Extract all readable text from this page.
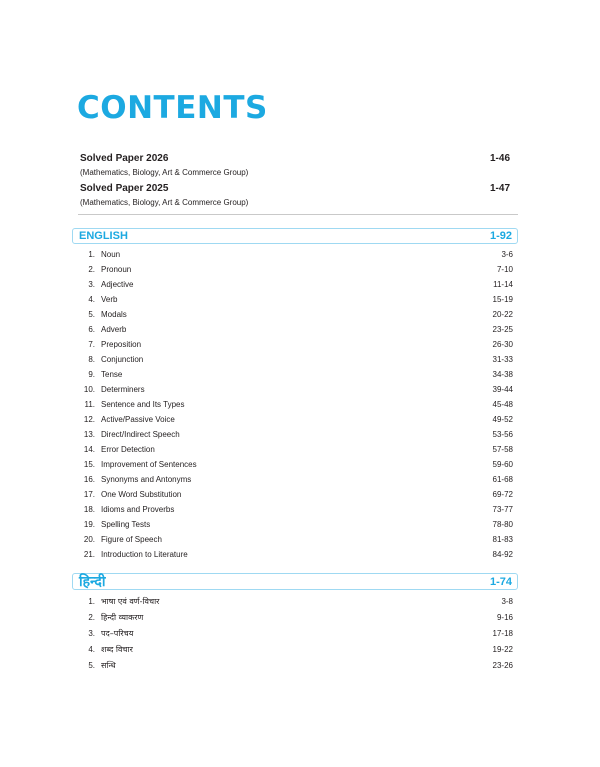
CONTENTS
Solved Paper 2026	1-46
(Mathematics, Biology, Art & Commerce Group)
Solved Paper 2025	1-47
(Mathematics, Biology, Art & Commerce Group)
ENGLISH	1-92
1. Noun	3-6
2. Pronoun	7-10
3. Adjective	11-14
4. Verb	15-19
5. Modals	20-22
6. Adverb	23-25
7. Preposition	26-30
8. Conjunction	31-33
9. Tense	34-38
10. Determiners	39-44
11. Sentence and Its Types	45-48
12. Active/Passive Voice	49-52
13. Direct/Indirect Speech	53-56
14. Error Detection	57-58
15. Improvement of Sentences	59-60
16. Synonyms and Antonyms	61-68
17. One Word Substitution	69-72
18. Idioms and Proverbs	73-77
19. Spelling Tests	78-80
20. Figure of Speech	81-83
21. Introduction to Literature	84-92
हिन्दी	1-74
1. भाषा एवं वर्ण-विचार	3-8
2. हिन्दी व्याकरण	9-16
3. पद–परिचय	17-18
4. शब्द विचार	19-22
5. सन्धि	23-26
